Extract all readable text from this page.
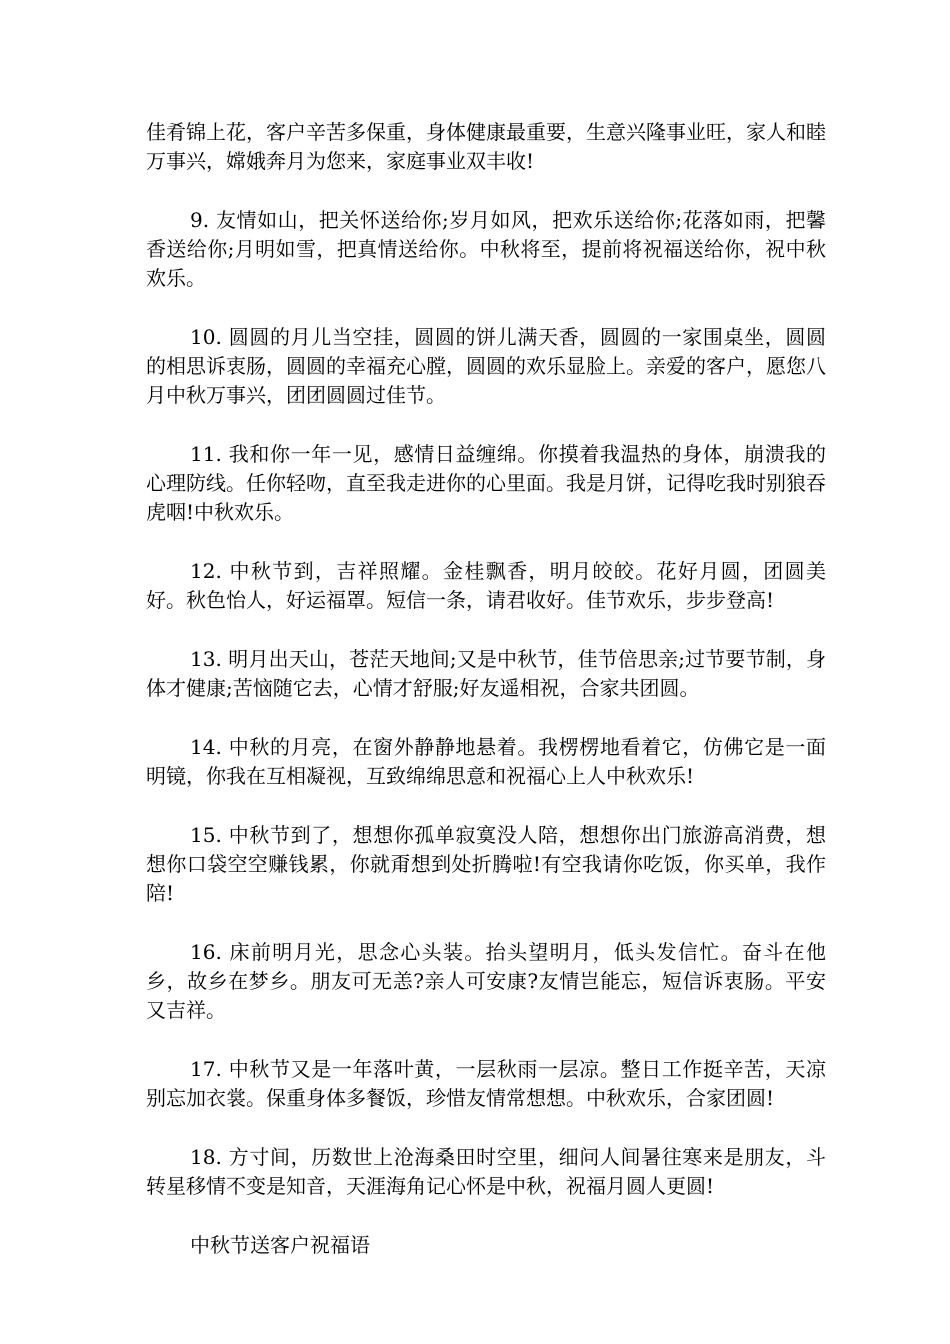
佳肴锦上花，客户辛苦多保重，身体健康最重要，生意兴隆事业旺，家人和睦万事兴，嫦娥奔月为您来，家庭事业双丰收!

9. 友情如山，把关怀送给你;岁月如风，把欢乐送给你;花落如雨，把馨香送给你;月明如雪，把真情送给你。中秋将至，提前将祝福送给你，祝中秋欢乐。

10. 圆圆的月儿当空挂，圆圆的饼儿满天香，圆圆的一家围桌坐，圆圆的相思诉衷肠，圆圆的幸福充心膛，圆圆的欢乐显脸上。亲爱的客户，愿您八月中秋万事兴，团团圆圆过佳节。

11. 我和你一年一见，感情日益缠绵。你摸着我温热的身体，崩溃我的心理防线。任你轻吻，直至我走进你的心里面。我是月饼，记得吃我时别狼吞虎咽!中秋欢乐。

12. 中秋节到，吉祥照耀。金桂飘香，明月皎皎。花好月圆，团圆美好。秋色怡人，好运福罩。短信一条，请君收好。佳节欢乐，步步登高!

13. 明月出天山，苍茫天地间;又是中秋节，佳节倍思亲;过节要节制，身体才健康;苦恼随它去，心情才舒服;好友遥相祝，合家共团圆。

14. 中秋的月亮，在窗外静静地悬着。我楞楞地看着它，仿佛它是一面明镜，你我在互相凝视，互致绵绵思意和祝福心上人中秋欢乐!

15. 中秋节到了，想想你孤单寂寞没人陪，想想你出门旅游高消费，想想你口袋空空赚钱累，你就甭想到处折腾啦!有空我请你吃饭，你买单，我作陪!

16. 床前明月光，思念心头装。抬头望明月，低头发信忙。奋斗在他乡，故乡在梦乡。朋友可无恙?亲人可安康?友情岂能忘，短信诉衷肠。平安又吉祥。

17. 中秋节又是一年落叶黄，一层秋雨一层凉。整日工作挺辛苦，天凉别忘加衣裳。保重身体多餐饭，珍惜友情常想想。中秋欢乐，合家团圆!

18. 方寸间，历数世上沧海桑田时空里，细问人间暑往寒来是朋友，斗转星移情不变是知音，天涯海角记心怀是中秋，祝福月圆人更圆!

中秋节送客户祝福语
